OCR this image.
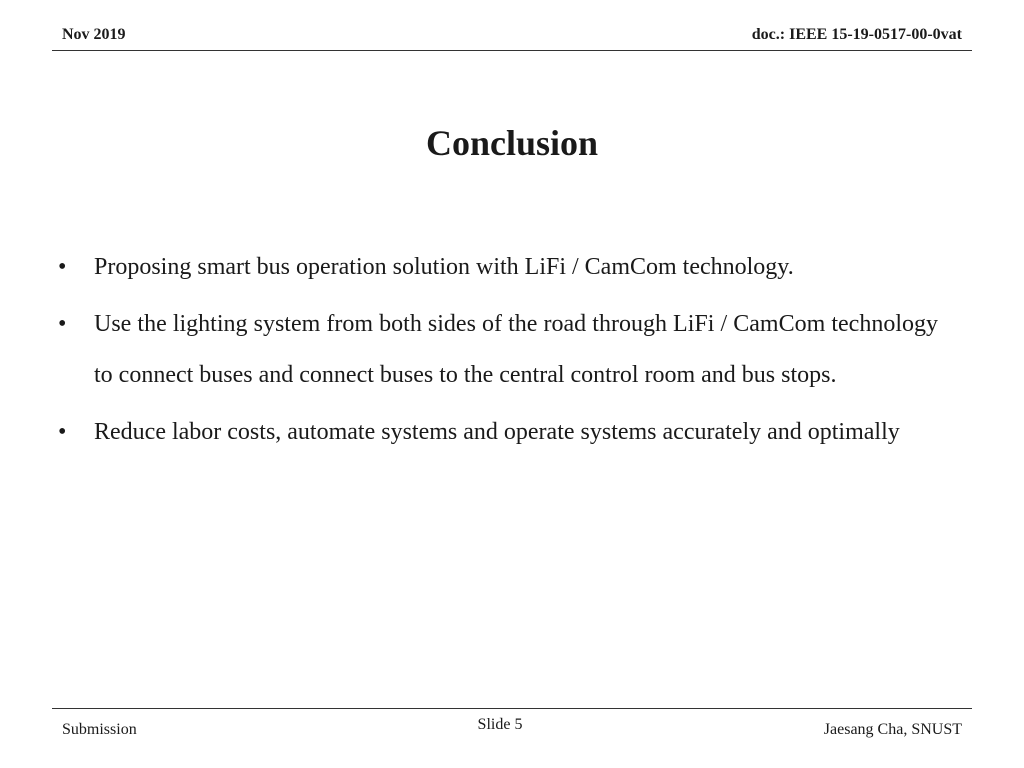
Nov 2019	doc.: IEEE 15-19-0517-00-0vat
Conclusion
•	Proposing smart bus operation solution with LiFi / CamCom technology.
•	Use the lighting system from both sides of the road through LiFi / CamCom technology to connect buses and connect buses to the central control room and bus stops.
•	Reduce labor costs, automate systems and operate systems accurately and optimally
Submission	Slide 5	Jaesang Cha, SNUST
